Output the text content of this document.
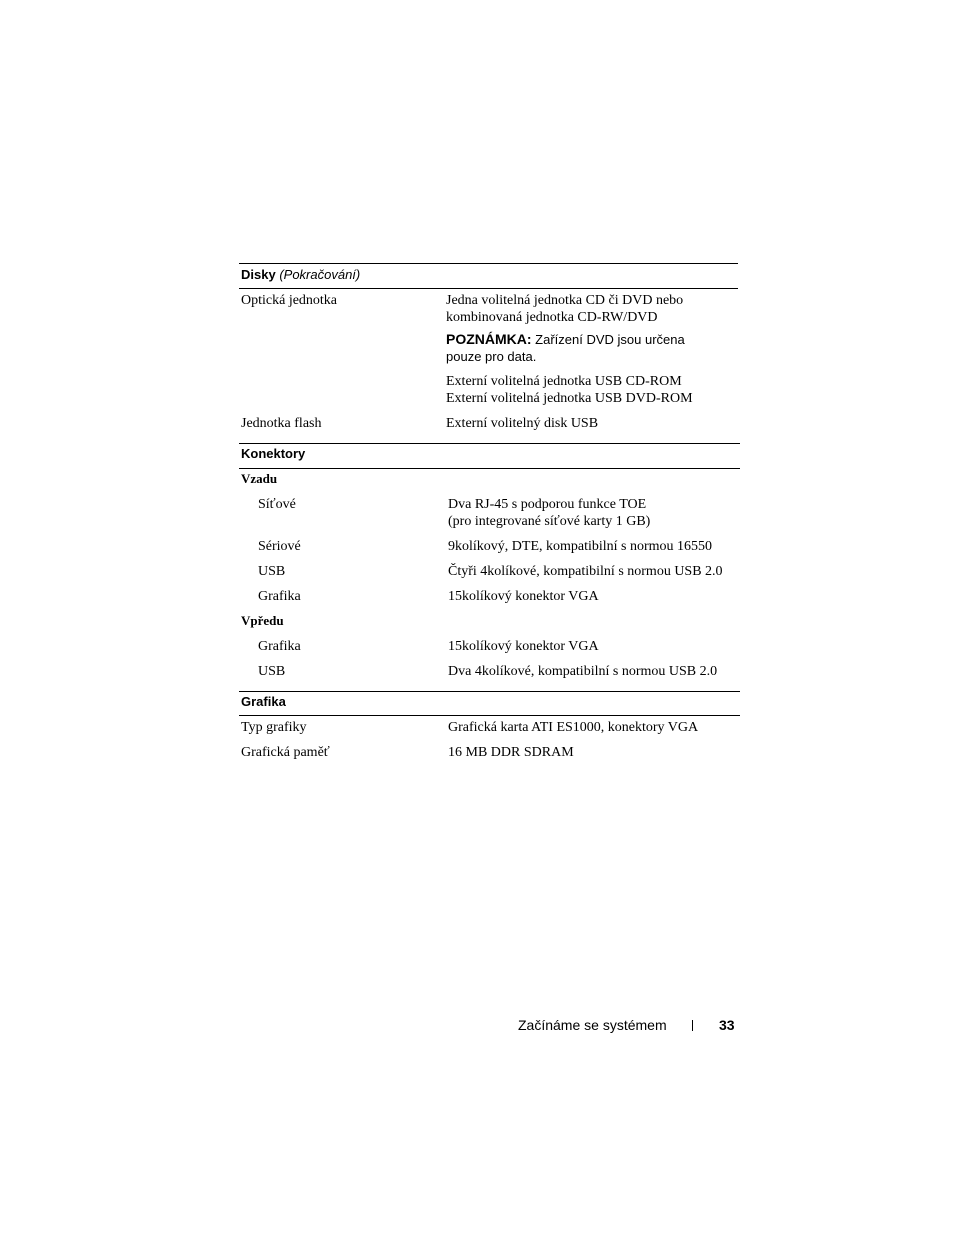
Disky (Pokračování)
Optická jednotka	Jedna volitelná jednotka CD či DVD nebo
kombinovaná jednotka CD-RW/DVD
POZNÁMKA: Zařízení DVD jsou určena
pouze pro data.
Externí volitelná jednotka USB CD-ROM
Externí volitelná jednotka USB DVD-ROM
Jednotka flash	Externí volitelný disk USB
Konektory
Vzadu
Síťové	Dva RJ-45 s podporou funkce TOE
(pro integrované síťové karty 1 GB)
Sériové	9kolíkový, DTE, kompatibilní s normou 16550
USB	Čtyři 4kolíkové, kompatibilní s normou USB 2.0
Grafika	15kolíkový konektor VGA
Vpředu
Grafika	15kolíkový konektor VGA
USB	Dva 4kolíkové, kompatibilní s normou USB 2.0
Grafika
Typ grafiky	Grafická karta ATI ES1000, konektory VGA
Grafická paměť	16 MB DDR SDRAM
Začínáme se systémem	33
